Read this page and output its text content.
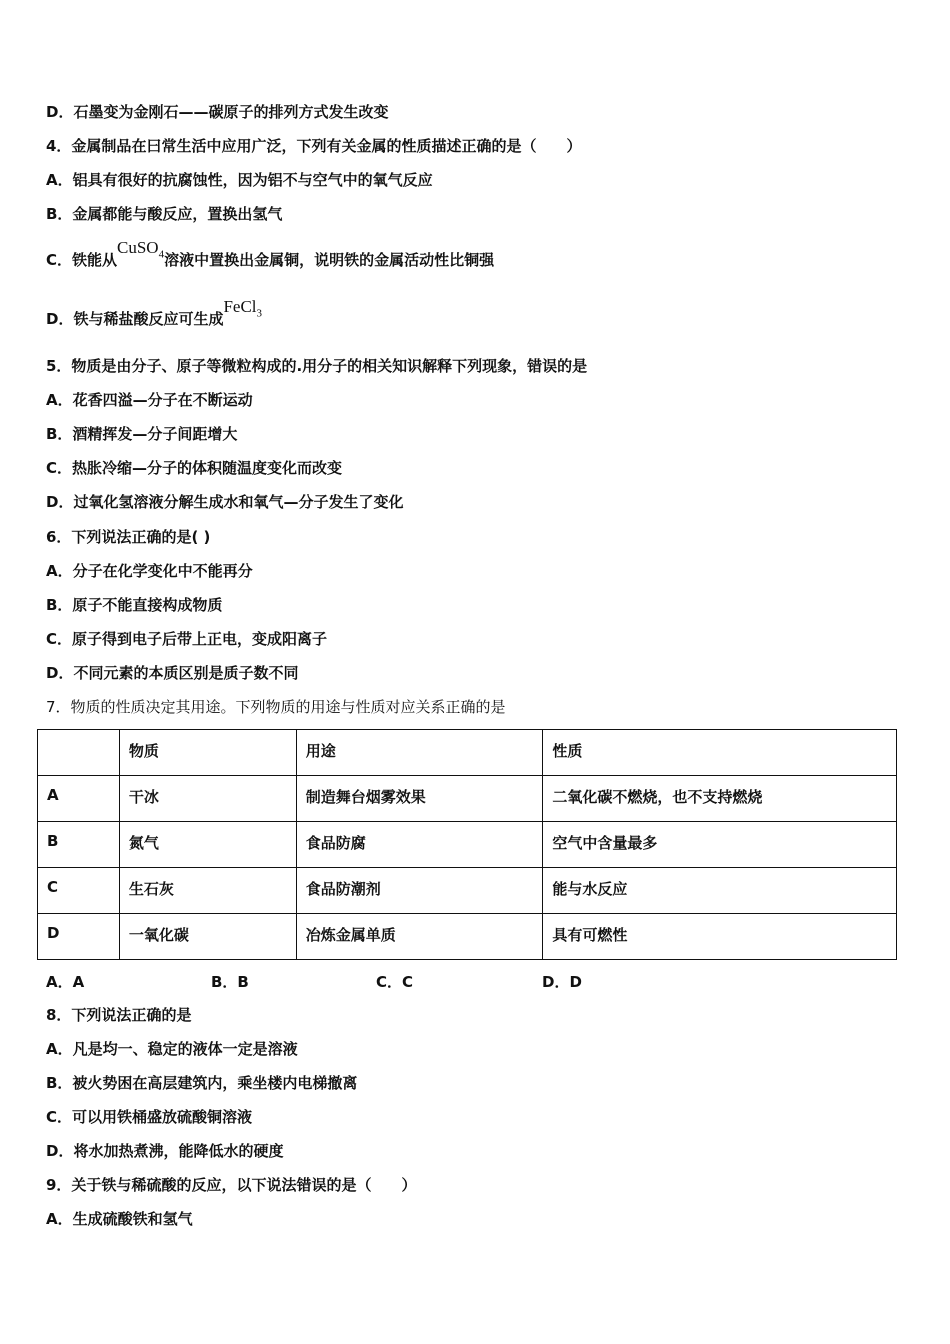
D．石墨变为金刚石——碳原子的排列方式发生改变
4．金属制品在曰常生活中应用广泛，下列有关金属的性质描述正确的是（　　）
A．铝具有很好的抗腐蚀性，因为铝不与空气中的氧气反应
B．金属都能与酸反应，置换出氢气
C．铁能从CuSO$_4$溶液中置换出金属铜，说明铁的金属活动性比铜强
D．铁与稀盐酸反应可生成FeCl$_3$
5．物质是由分子、原子等微粒构成的.用分子的相关知识解释下列现象，错误的是
A．花香四溢—分子在不断运动
B．酒精挥发—分子间距增大
C．热胀冷缩—分子的体积随温度变化而改变
D．过氧化氢溶液分解生成水和氧气—分子发生了变化
6．下列说法正确的是( )
A．分子在化学变化中不能再分
B．原子不能直接构成物质
C．原子得到电子后带上正电，变成阳离子
D．不同元素的本质区别是质子数不同
7．物质的性质决定其用途。下列物质的用途与性质对应关系正确的是
	物质	用途	性质
A	干冰	制造舞台烟雾效果	二氧化碳不燃烧，也不支持燃烧
B	氮气	食品防腐	空气中含量最多
C	生石灰	食品防潮剂	能与水反应
D	一氧化碳	冶炼金属单质	具有可燃性
A．A	B．B	C．C	D．D
8．下列说法正确的是
A．凡是均一、稳定的液体一定是溶液
B．被火势困在高层建筑内，乘坐楼内电梯撤离
C．可以用铁桶盛放硫酸铜溶液
D．将水加热煮沸，能降低水的硬度
9．关于铁与稀硫酸的反应，以下说法错误的是（　　）
A．生成硫酸铁和氢气
